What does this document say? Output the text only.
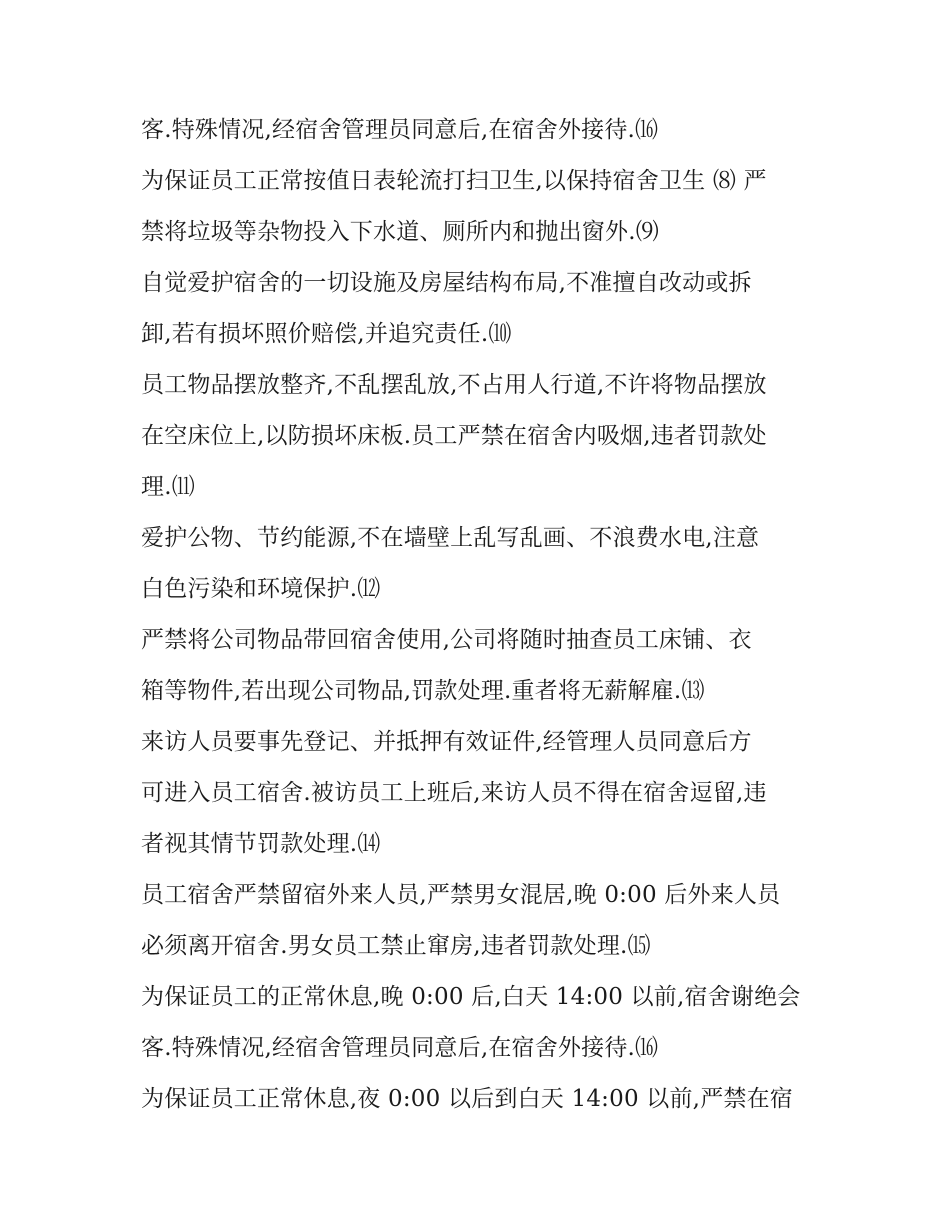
客.特殊情况,经宿舍管理员同意后,在宿舍外接待.⒃
为保证员工正常按值日表轮流打扫卫生,以保持宿舍卫生 ⑻ 严
禁将垃圾等杂物投入下水道、厕所内和抛出窗外.⑼
自觉爱护宿舍的一切设施及房屋结构布局,不准擅自改动或拆
卸,若有损坏照价赔偿,并追究责任.⑽
员工物品摆放整齐,不乱摆乱放,不占用人行道,不许将物品摆放
在空床位上,以防损坏床板.员工严禁在宿舍内吸烟,违者罚款处
理.⑾
爱护公物、节约能源,不在墙壁上乱写乱画、不浪费水电,注意
白色污染和环境保护.⑿
严禁将公司物品带回宿舍使用,公司将随时抽查员工床铺、衣
箱等物件,若出现公司物品,罚款处理.重者将无薪解雇.⒀
来访人员要事先登记、并抵押有效证件,经管理人员同意后方
可进入员工宿舍.被访员工上班后,来访人员不得在宿舍逗留,违
者视其情节罚款处理.⒁
员工宿舍严禁留宿外来人员,严禁男女混居,晚 0:00 后外来人员
必须离开宿舍.男女员工禁止窜房,违者罚款处理.⒂
为保证员工的正常休息,晚 0:00 后,白天 14:00 以前,宿舍谢绝会
客.特殊情况,经宿舍管理员同意后,在宿舍外接待.⒃
为保证员工正常休息,夜 0:00 以后到白天 14:00 以前,严禁在宿
